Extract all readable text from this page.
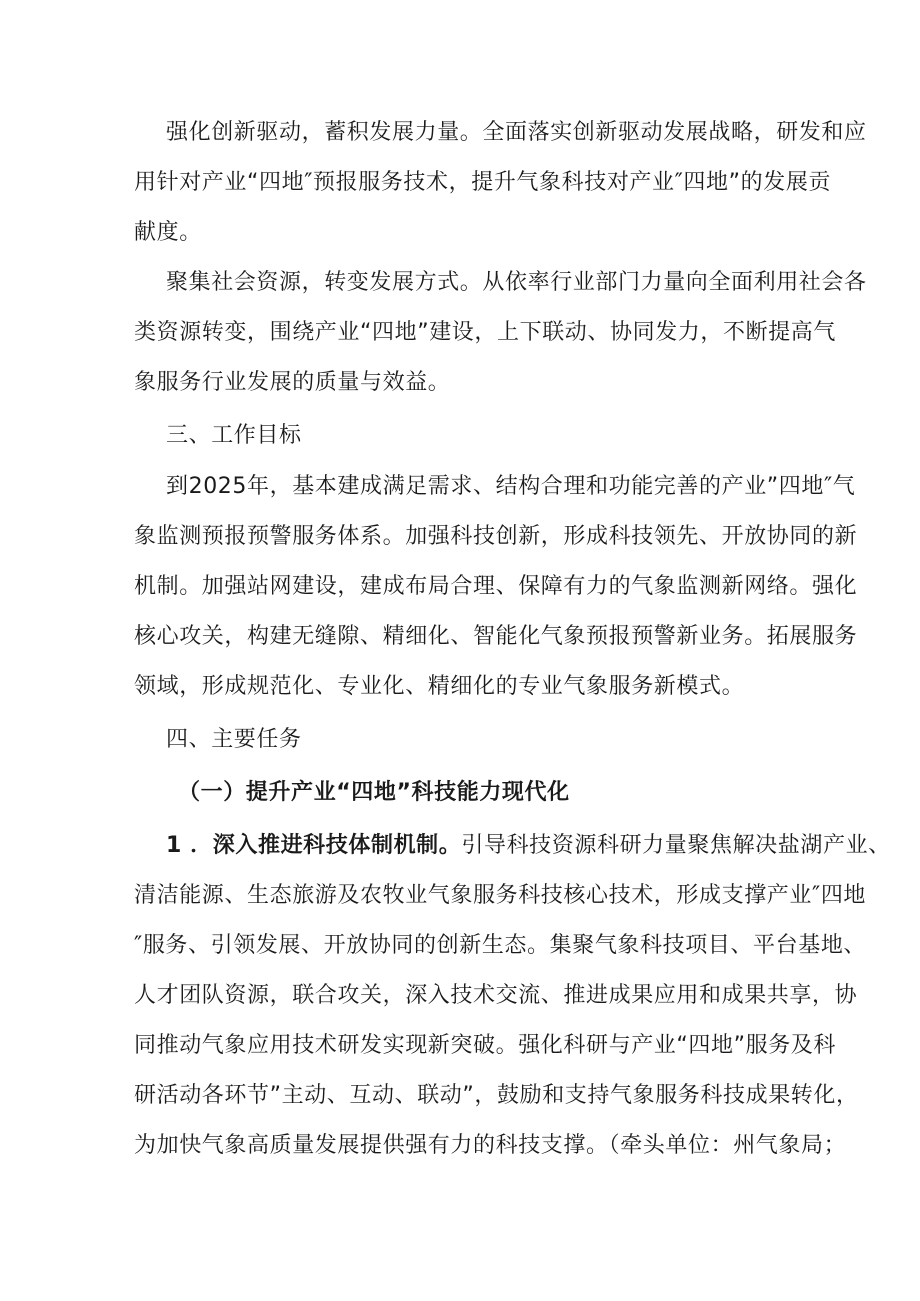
强化创新驱动，蓄积发展力量。全面落实创新驱动发展战略，研发和应
用针对产业“四地″预报服务技术，提升气象科技对产业″四地”的发展贡
献度。
聚集社会资源，转变发展方式。从依率行业部门力量向全面利用社会各
类资源转变，围绕产业“四地”建设，上下联动、协同发力，不断提高气
象服务行业发展的质量与效益。
三、工作目标
到2025年，基本建成满足需求、结构合理和功能完善的产业”四地″气
象监测预报预警服务体系。加强科技创新，形成科技领先、开放协同的新
机制。加强站网建设，建成布局合理、保障有力的气象监测新网络。强化
核心攻关，构建无缝隙、精细化、智能化气象预报预警新业务。拓展服务
领域，形成规范化、专业化、精细化的专业气象服务新模式。
四、主要任务
（一）提升产业“四地”科技能力现代化
1 ．深入推进科技体制机制。引导科技资源科研力量聚焦解决盐湖产业、
清洁能源、生态旅游及农牧业气象服务科技核心技术，形成支撑产业″四地
″服务、引领发展、开放协同的创新生态。集聚气象科技项目、平台基地、
人才团队资源，联合攻关，深入技术交流、推进成果应用和成果共享，协
同推动气象应用技术研发实现新突破。强化科研与产业“四地”服务及科
研活动各环节”主动、互动、联动”，鼓励和支持气象服务科技成果转化，
为加快气象高质量发展提供强有力的科技支撑。（牵头单位：州气象局；
